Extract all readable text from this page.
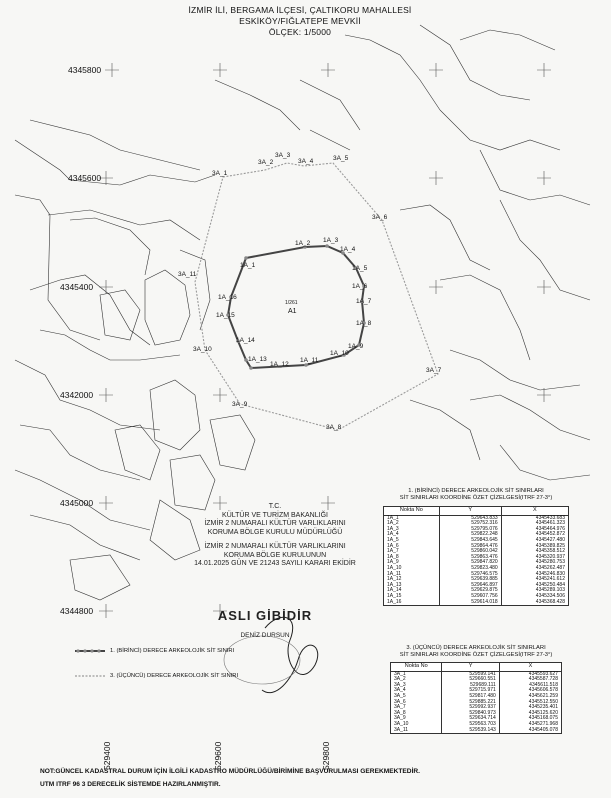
İZMİR İLİ, BERGAMA İLÇESİ, ÇALTIKORU MAHALLESİ
ESKİKÖY/FIĞLATEPE MEVKİİ
ÖLÇEK: 1/5000
4345800
4345600
4345400
4342000
4345000
4344800
529400	529600	529800
1/261
A1
1A_1
1A_2 1A_3
1A_4
1A_5
1A_6
1A_7
1A_8
1A_9
1A_10
1A_11
1A_12
1A_13
1A_14
1A_15
1A_16
3A_1
3A_2
3A_3
3A_4	3A_5
3A_6
3A_7
3A_8
3A_9
3A_10
3A_11
1. (BİRİNCİ) DERECE ARKEOLOJİK SİT SINIRLARI
SİT SINIRLARI KOORDİNE ÖZET ÇİZELGESİ(ITRF 27-3°)
Nokta No	Y	X
1A_1	529643.833	4345433.683
1A_2	529752.316	4345461.323
1A_3	529795.076	4345464.976
1A_4	529822.248	4345452.872
1A_5	529843.645	4345427.480
1A_6	529864.476	4345389.825
1A_7	529860.042	4345358.512
1A_8	529863.476	4345320.937
1A_9	529847.820	4345280.753
1A_10	529823.480	4345262.487
1A_11	529746.575	4345246.830
1A_12	529639.885	4345241.612
1A_13	529646.897	4345250.484
1A_14	529629.875	4345289.103
1A_15	529607.756	4345334.506
1A_16	529614.018	4345368.428
3. (ÜÇÜNCÜ) DERECE ARKEOLOJİK SİT SINIRLARI
SİT SINIRLARI KOORDİNE ÖZET ÇİZELGESİ(ITRF 27-3°)
Nokta No	Y	X
3A_1	529599.141	4345593.627
3A_2	529660.551	4345587.728
3A_3	529689.111	4345611.518
3A_4	529715.971	4345606.578
3A_5	529817.480	4345621.259
3A_6	529885.221	4345512.550
3A_7	529992.937	4345235.401
3A_8	529840.973	4345125.620
3A_9	529634.714	4345168.075
3A_10	529563.703	4345271.968
3A_11	529539.143	4345405.078
T.C.
KÜLTÜR VE TURİZM BAKANLIĞI
İZMİR 2 NUMARALI KÜLTÜR VARLIKLARINI
KORUMA BÖLGE KURULU MÜDÜRLÜĞÜ
İZMİR 2 NUMARALI KÜLTÜR VARLIKLARINI
KORUMA BÖLGE KURULUNUN
14.01.2025 GÜN VE 21243 SAYILI KARARI EKİDİR
ASLI GİBİDİR
DENİZ DURSUN
1. (BİRİNCİ) DERECE ARKEOLOJİK SİT SINIRI
3. (ÜÇÜNCÜ) DERECE ARKEOLOJİK SİT SINIRI
NOT:GÜNCEL KADASTRAL DURUM İÇİN İLGİLİ KADASTRO MÜDÜRLÜĞÜ/BİRİMİNE BAŞVURULMASI GEREKMEKTEDİR.
UTM ITRF 96 3 DERECELİK SİSTEMDE HAZIRLANMIŞTIR.
